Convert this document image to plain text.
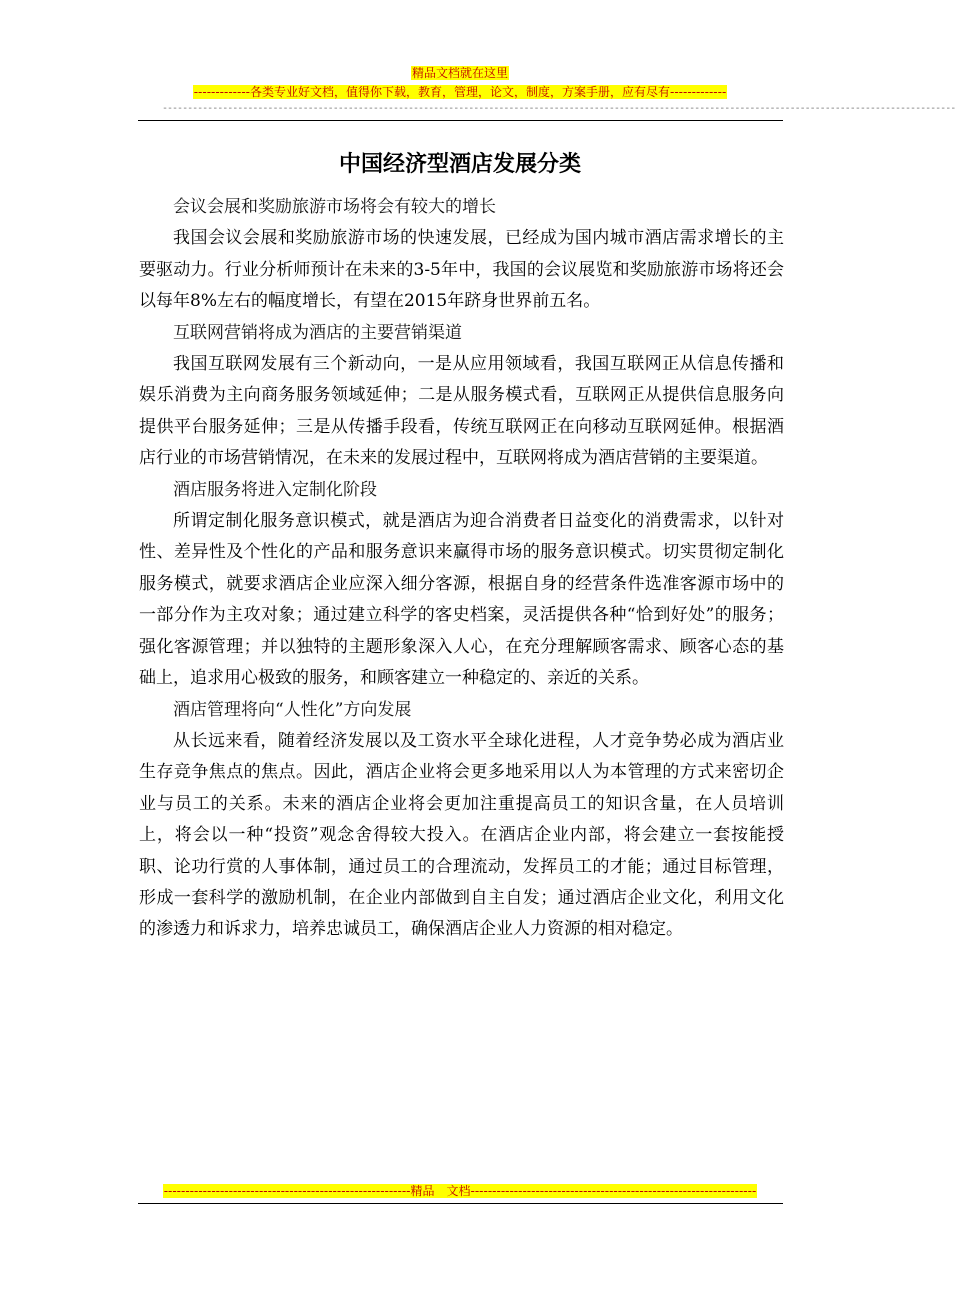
精品文档就在这里
-------------各类专业好文档，值得你下载，教育，管理，论文，制度，方案手册，应有尽有-------------
--------------------------------------------------------------------------------------------------------------------------------------------------------------
中国经济型酒店发展分类

会议会展和奖励旅游市场将会有较大的增长

我国会议会展和奖励旅游市场的快速发展，已经成为国内城市酒店需求增长的主要驱动力。行业分析师预计在未来的3-5年中，我国的会议展览和奖励旅游市场将还会以每年8%左右的幅度增长，有望在2015年跻身世界前五名。

互联网营销将成为酒店的主要营销渠道

我国互联网发展有三个新动向，一是从应用领域看，我国互联网正从信息传播和娱乐消费为主向商务服务领域延伸；二是从服务模式看，互联网正从提供信息服务向提供平台服务延伸；三是从传播手段看，传统互联网正在向移动互联网延伸。根据酒店行业的市场营销情况，在未来的发展过程中，互联网将成为酒店营销的主要渠道。

酒店服务将进入定制化阶段

所谓定制化服务意识模式，就是酒店为迎合消费者日益变化的消费需求，以针对性、差异性及个性化的产品和服务意识来赢得市场的服务意识模式。切实贯彻定制化服务模式，就要求酒店企业应深入细分客源，根据自身的经营条件选准客源市场中的一部分作为主攻对象；通过建立科学的客史档案，灵活提供各种“恰到好处”的服务；强化客源管理；并以独特的主题形象深入人心，在充分理解顾客需求、顾客心态的基础上，追求用心极致的服务，和顾客建立一种稳定的、亲近的关系。

酒店管理将向“人性化”方向发展

从长远来看，随着经济发展以及工资水平全球化进程，人才竞争势必成为酒店业生存竞争焦点的焦点。因此，酒店企业将会更多地采用以人为本管理的方式来密切企业与员工的关系。未来的酒店企业将会更加注重提高员工的知识含量，在人员培训上，将会以一种“投资”观念舍得较大投入。在酒店企业内部，将会建立一套按能授职、论功行赏的人事体制，通过员工的合理流动，发挥员工的才能；通过目标管理，形成一套科学的激励机制，在企业内部做到自主自发；通过酒店企业文化，利用文化的渗透力和诉求力，培养忠诚员工，确保酒店企业人力资源的相对稳定。

---------------------------------------------------------精品　文档------------------------------------------------------------------
